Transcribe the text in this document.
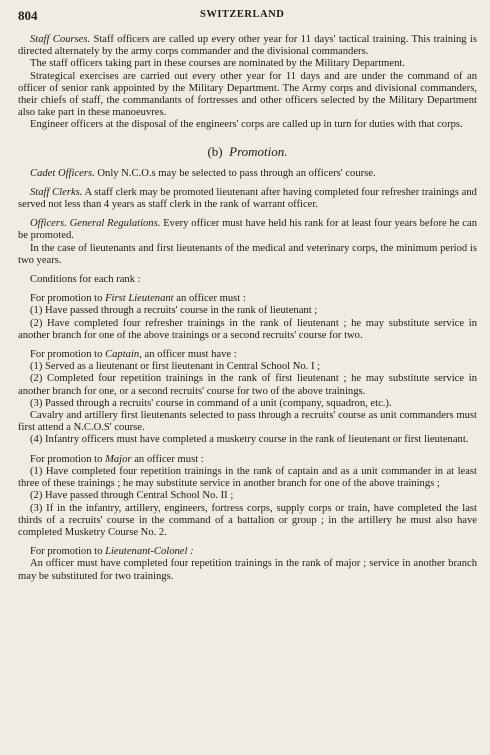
804	SWITZERLAND

Staff Courses. Staff officers are called up every other year for 11 days' tactical training. This training is directed alternately by the army corps commander and the divisional commanders.

The staff officers taking part in these courses are nominated by the Military Department.

Strategical exercises are carried out every other year for 11 days and are under the command of an officer of senior rank appointed by the Military Department. The Army corps and divisional commanders, their chiefs of staff, the commandants of fortresses and other officers selected by the Military Department also take part in these manoeuvres.

Engineer officers at the disposal of the engineers' corps are called up in turn for duties with that corps.

(b) Promotion.

Cadet Officers. Only N.C.O.s may be selected to pass through an officers' course.

Staff Clerks. A staff clerk may be promoted lieutenant after having completed four refresher trainings and served not less than 4 years as staff clerk in the rank of warrant officer.

Officers. General Regulations. Every officer must have held his rank for at least four years before he can be promoted.

In the case of lieutenants and first lieutenants of the medical and veterinary corps, the minimum period is two years.

Conditions for each rank :

For promotion to First Lieutenant an officer must :

(1) Have passed through a recruits' course in the rank of lieutenant ;

(2) Have completed four refresher trainings in the rank of lieutenant ; he may substitute service in another branch for one of the above trainings or a second recruits' course for two.

For promotion to Captain, an officer must have :

(1) Served as a lieutenant or first lieutenant in Central School No. I ;

(2) Completed four repetition trainings in the rank of first lieutenant ; he may substitute service in another branch for one, or a second recruits' course for two of the above trainings.

(3) Passed through a recruits' course in command of a unit (company, squadron, etc.).

Cavalry and artillery first lieutenants selected to pass through a recruits' course as unit commanders must first attend a N.C.O.S' course.

(4) Infantry officers must have completed a musketry course in the rank of lieutenant or first lieutenant.

For promotion to Major an officer must :

(1) Have completed four repetition trainings in the rank of captain and as a unit commander in at least three of these trainings ; he may substitute service in another branch for one of the above trainings ;

(2) Have passed through Central School No. II ;

(3) If in the infantry, artillery, engineers, fortress corps, supply corps or train, have completed the last thirds of a recruits' course in the command of a battalion or group ; in the artillery he must also have completed Musketry Course No. 2.

For promotion to Lieutenant-Colonel :

An officer must have completed four repetition trainings in the rank of major ; service in another branch may be substituted for two trainings.
